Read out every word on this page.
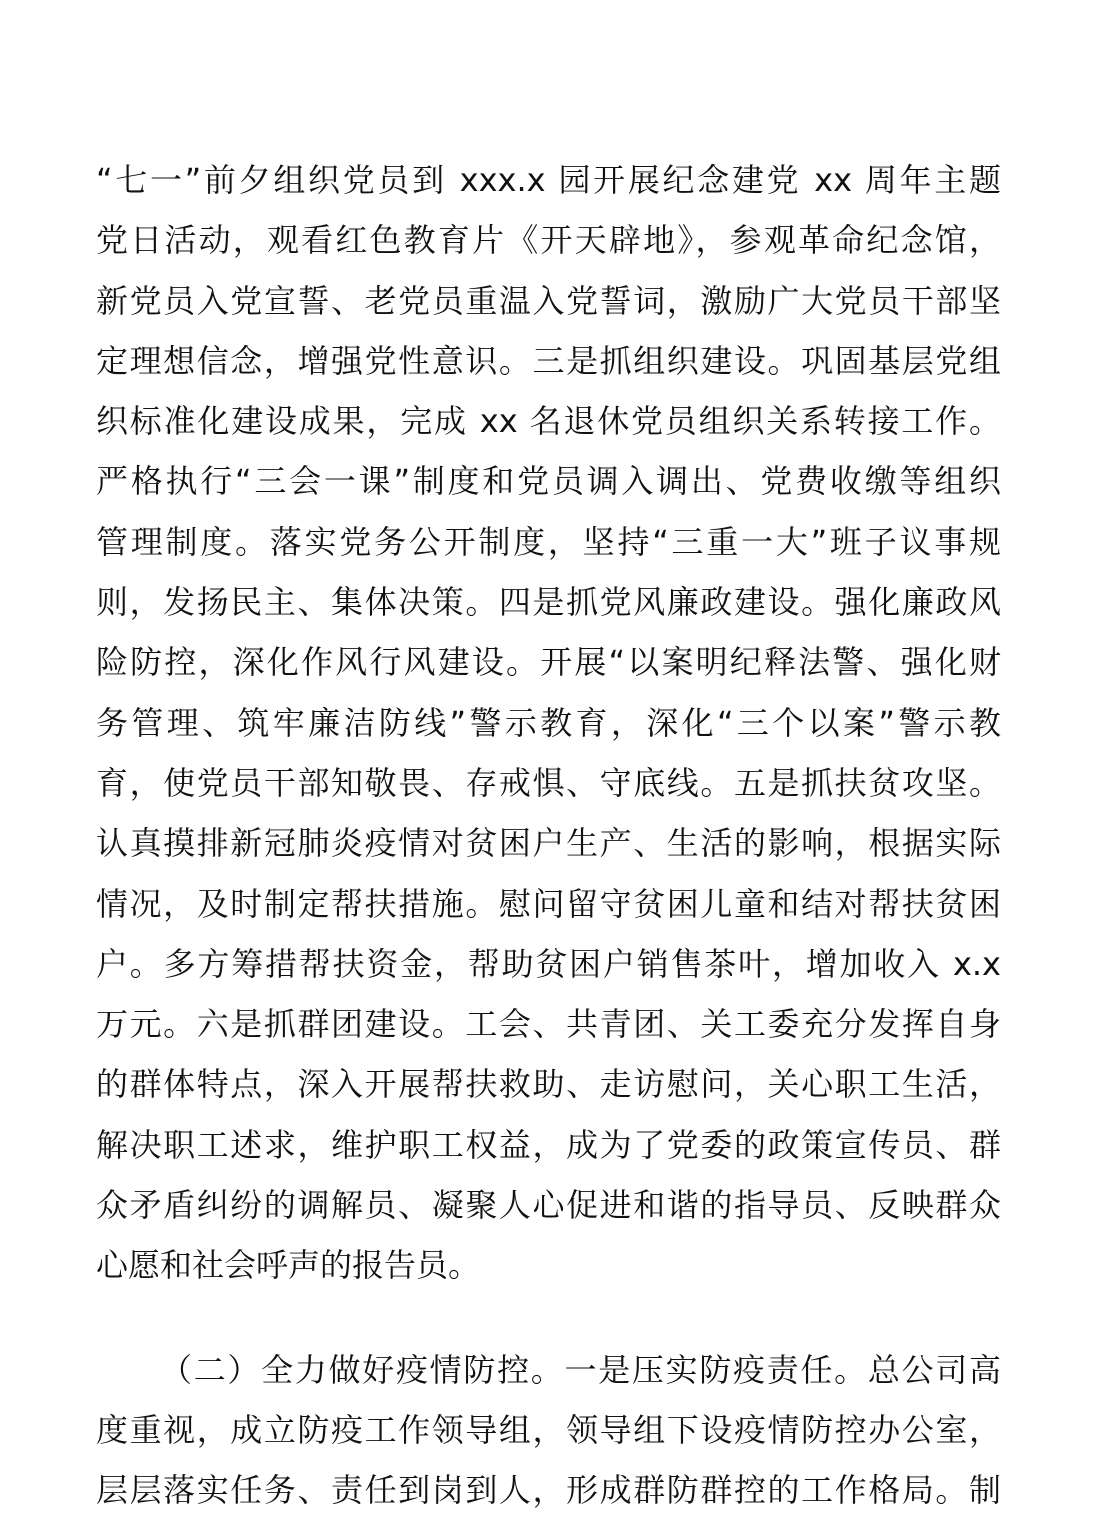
“七一”前夕组织党员到 xxx.x 园开展纪念建党 xx 周年主题
党日活动，观看红色教育片《开天辟地》，参观革命纪念馆，
新党员入党宣誓、老党员重温入党誓词，激励广大党员干部坚
定理想信念，增强党性意识。三是抓组织建设。巩固基层党组
织标准化建设成果，完成 xx 名退休党员组织关系转接工作。
严格执行“三会一课”制度和党员调入调出、党费收缴等组织
管理制度。落实党务公开制度，坚持“三重一大”班子议事规
则，发扬民主、集体决策。四是抓党风廉政建设。强化廉政风
险防控，深化作风行风建设。开展“以案明纪释法警、强化财
务管理、筑牢廉洁防线”警示教育，深化“三个以案”警示教
育，使党员干部知敬畏、存戒惧、守底线。五是抓扶贫攻坚。
认真摸排新冠肺炎疫情对贫困户生产、生活的影响，根据实际
情况，及时制定帮扶措施。慰问留守贫困儿童和结对帮扶贫困
户。多方筹措帮扶资金，帮助贫困户销售茶叶，增加收入 x.x
万元。六是抓群团建设。工会、共青团、关工委充分发挥自身
的群体特点，深入开展帮扶救助、走访慰问，关心职工生活，
解决职工述求，维护职工权益，成为了党委的政策宣传员、群
众矛盾纠纷的调解员、凝聚人心促进和谐的指导员、反映群众
心愿和社会呼声的报告员。
（二）全力做好疫情防控。一是压实防疫责任。总公司高
度重视，成立防疫工作领导组，领导组下设疫情防控办公室，
层层落实任务、责任到岗到人，形成群防群控的工作格局。制
